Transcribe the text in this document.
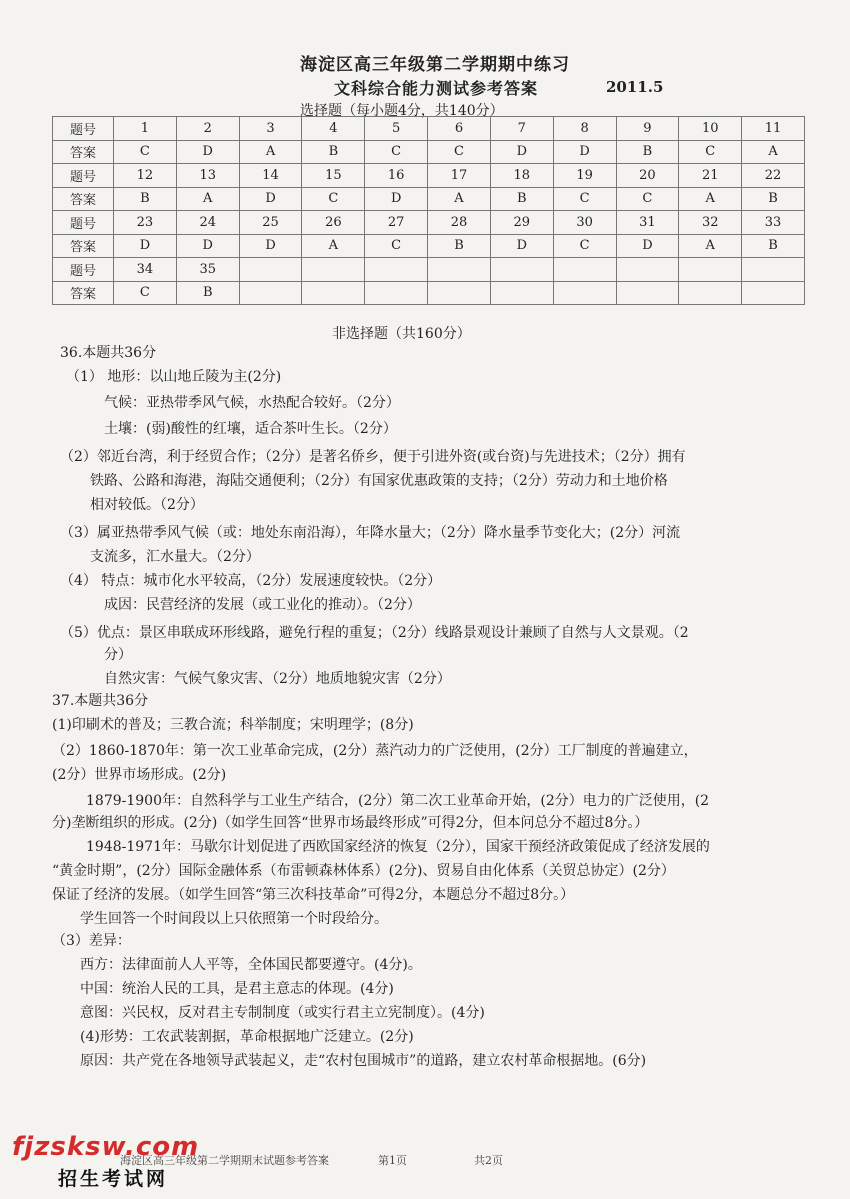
海淀区高三年级第二学期期中练习
文科综合能力测试参考答案	2011.5
选择题（每小题4分，共140分）
题号	1	2	3	4	5	6	7	8	9	10	11
答案	C	D	A	B	C	C	D	D	B	C	A
题号	12	13	14	15	16	17	18	19	20	21	22
答案	B	A	D	C	D	A	B	C	C	A	B
题号	23	24	25	26	27	28	29	30	31	32	33
答案	D	D	D	A	C	B	D	C	D	A	B
题号	34	35									
答案	C	B									
非选择题（共160分）
36.本题共36分
（1） 地形：以山地丘陵为主(2分)
气候：亚热带季风气候，水热配合较好。（2分）
土壤：(弱)酸性的红壤，适合茶叶生长。（2分）
（2）邻近台湾，利于经贸合作；（2分）是著名侨乡，便于引进外资(或台资)与先进技术；（2分）拥有
铁路、公路和海港，海陆交通便利；（2分）有国家优惠政策的支持；（2分）劳动力和土地价格
相对较低。（2分）
（3）属亚热带季风气候（或：地处东南沿海），年降水量大；（2分）降水量季节变化大；(2分）河流
支流多，汇水量大。（2分）
（4） 特点：城市化水平较高，（2分）发展速度较快。（2分）
成因：民营经济的发展（或工业化的推动）。（2分）
（5）优点：景区串联成环形线路，避免行程的重复；（2分）线路景观设计兼顾了自然与人文景观。（2
分）
自然灾害：气候气象灾害、（2分）地质地貌灾害（2分）
37.本题共36分
(1)印刷术的普及；三教合流；科举制度；宋明理学；(8分)
（2）1860-1870年：第一次工业革命完成，(2分）蒸汽动力的广泛使用，(2分）工厂制度的普遍建立，
(2分）世界市场形成。(2分)
1879-1900年：自然科学与工业生产结合，(2分）第二次工业革命开始，(2分）电力的广泛使用，(2
分)垄断组织的形成。(2分)（如学生回答“世界市场最终形成”可得2分，但本问总分不超过8分。）
1948-1971年：马歇尔计划促进了西欧国家经济的恢复（2分），国家干预经济政策促成了经济发展的
“黄金时期”，(2分）国际金融体系（布雷顿森林体系）(2分)、贸易自由化体系（关贸总协定）(2分）
保证了经济的发展。（如学生回答“第三次科技革命”可得2分，本题总分不超过8分。）
学生回答一个时间段以上只依照第一个时段给分。
（3）差异：
西方：法律面前人人平等，全体国民都要遵守。(4分)。
中国：统治人民的工具，是君主意志的体现。(4分)
意图：兴民权，反对君主专制制度（或实行君主立宪制度）。(4分)
(4)形势：工农武装割据，革命根据地广泛建立。(2分)
原因：共产党在各地领导武装起义，走“农村包围城市”的道路，建立农村革命根据地。(6分)
海淀区高三年级第二学期期末试题参考答案	第1页	共2页
fjzsksw.com
招生考试网
